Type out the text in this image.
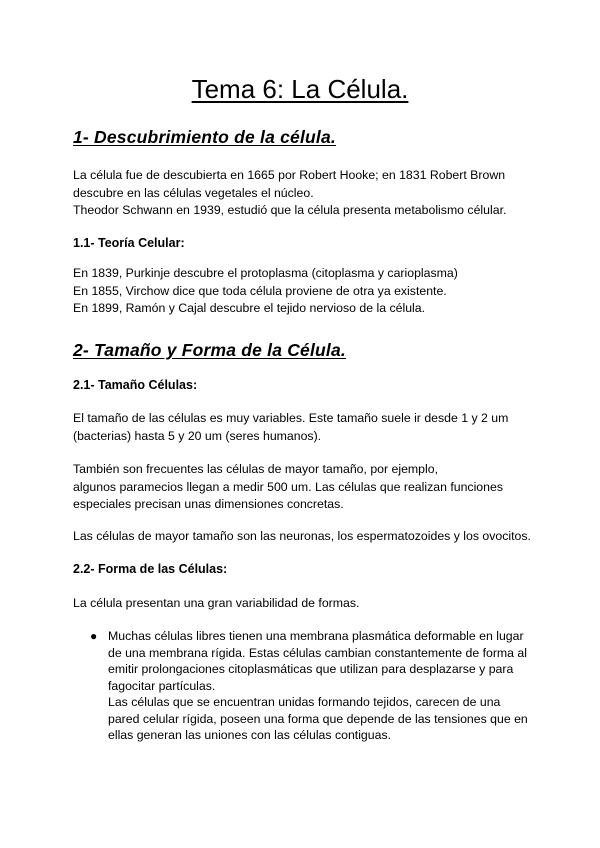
Tema 6: La Célula.
1- Descubrimiento de la célula.
La célula fue de descubierta en 1665 por Robert Hooke; en 1831 Robert Brown
descubre en las células vegetales el núcleo.
Theodor Schwann en 1939, estudió que la célula presenta metabolismo célular.
1.1- Teoría Celular:
En 1839, Purkinje descubre el protoplasma (citoplasma y carioplasma)
En 1855, Virchow dice que toda célula proviene de otra ya existente.
En 1899, Ramón y Cajal descubre el tejido nervioso de la célula.
2- Tamaño y Forma de la Célula.
2.1- Tamaño Células:
El tamaño de las células es muy variables. Este tamaño suele ir desde 1 y 2 um
(bacterias) hasta 5 y 20 um (seres humanos).
También son frecuentes las células de mayor tamaño, por ejemplo,
algunos paramecios llegan a medir 500 um. Las células que realizan funciones
especiales precisan unas dimensiones concretas.
Las células de mayor tamaño son las neuronas, los espermatozoides y los ovocitos.
2.2- Forma de las Células:
La célula presentan una gran variabilidad de formas.
● Muchas células libres tienen una membrana plasmática deformable en lugar
de una membrana rígida. Estas células cambian constantemente de forma al
emitir prolongaciones citoplasmáticas que utilizan para desplazarse y para
fagocitar partículas.
Las células que se encuentran unidas formando tejidos, carecen de una
pared celular rígida, poseen una forma que depende de las tensiones que en
ellas generan las uniones con las células contiguas.
